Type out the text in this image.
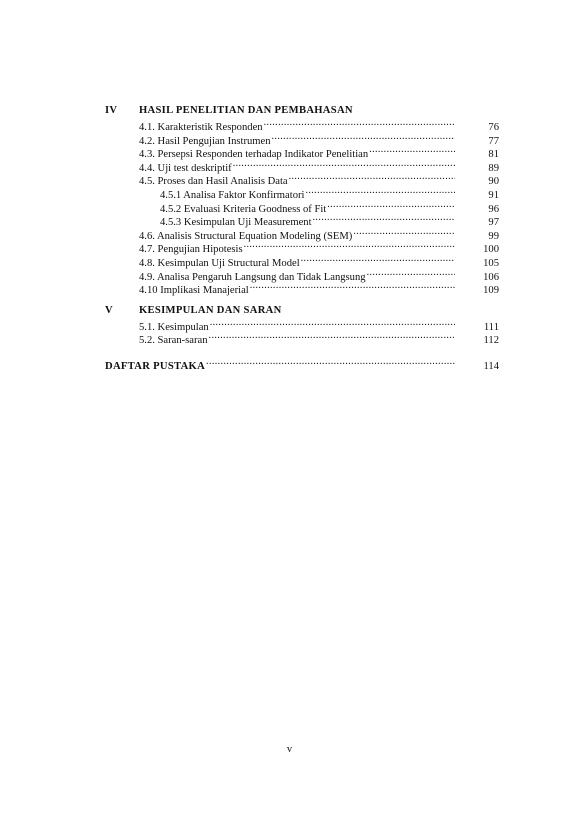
IV	HASIL PENELITIAN DAN PEMBAHASAN
4.1. Karakteristik Responden .....	76
4.2. Hasil Pengujian Instrumen .....	77
4.3. Persepsi Responden terhadap Indikator Penelitian .....	81
4.4. Uji test deskriptif .....	89
4.5. Proses dan Hasil Analisis Data .....	90
4.5.1 Analisa Faktor Konfirmatori .....	91
4.5.2 Evaluasi Kriteria Goodness of Fit .....	96
4.5.3 Kesimpulan Uji Measurement .....	97
4.6. Analisis Structural Equation Modeling (SEM) .....	99
4.7. Pengujian Hipotesis .....	100
4.8. Kesimpulan Uji Structural Model .....	105
4.9. Analisa Pengaruh Langsung dan Tidak Langsung .....	106
4.10 Implikasi Manajerial .....	109
V	KESIMPULAN DAN SARAN
5.1. Kesimpulan .....	111
5.2. Saran-saran .....	112
DAFTAR PUSTAKA .....	114
v
